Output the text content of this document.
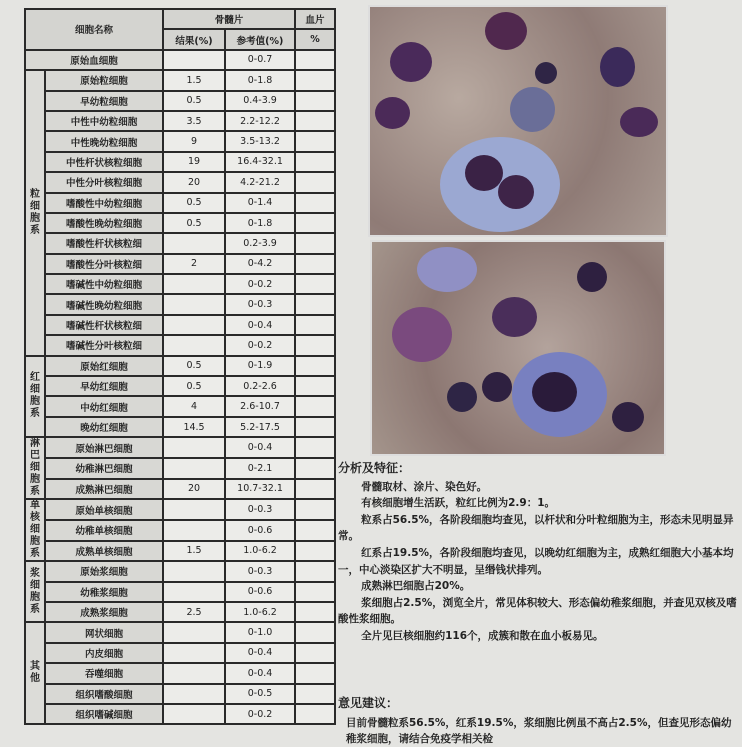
细胞名称		骨髓片		血片
		结果(%)	参考值(%)	%
原始血细胞			0-0.7	
粒细胞系	原始粒细胞	1.5	0-1.8	
	早幼粒细胞	0.5	0.4-3.9	
	中性中幼粒细胞	3.5	2.2-12.2	
	中性晚幼粒细胞	9	3.5-13.2	
	中性杆状核粒细胞	19	16.4-32.1	
	中性分叶核粒细胞	20	4.2-21.2	
	嗜酸性中幼粒细胞	0.5	0-1.4	
	嗜酸性晚幼粒细胞	0.5	0-1.8	
	嗜酸性杆状核粒细		0.2-3.9	
	嗜酸性分叶核粒细	2	0-4.2	
	嗜碱性中幼粒细胞		0-0.2	
	嗜碱性晚幼粒细胞		0-0.3	
	嗜碱性杆状核粒细		0-0.4	
	嗜碱性分叶核粒细		0-0.2	
红细胞系	原始红细胞	0.5	0-1.9	
	早幼红细胞	0.5	0.2-2.6	
	中幼红细胞	4	2.6-10.7	
	晚幼红细胞	14.5	5.2-17.5	
淋巴细胞系	原始淋巴细胞		0-0.4	
	幼稚淋巴细胞		0-2.1	
	成熟淋巴细胞	20	10.7-32.1	
单核细胞系	原始单核细胞		0-0.3	
	幼稚单核细胞		0-0.6	
	成熟单核细胞	1.5	1.0-6.2	
浆细胞系	原始浆细胞		0-0.3	
	幼稚浆细胞		0-0.6	
	成熟浆细胞	2.5	1.0-6.2	
其他	网状细胞		0-1.0	
	内皮细胞		0-0.4	
	吞噬细胞		0-0.4	
	组织嗜酸细胞		0-0.5	
	组织嗜碱细胞		0-0.2	
分析及特征：

骨髓取材、涂片、染色好。

有核细胞增生活跃，粒红比例为2.9：1。

粒系占56.5%，各阶段细胞均查见，以杆状和分叶粒细胞为主，形态未见明显异常。

红系占19.5%，各阶段细胞均查见，以晚幼红细胞为主，成熟红细胞大小基本均一，中心淡染区扩大不明显，呈缗钱状排列。

成熟淋巴细胞占20%。

浆细胞占2.5%，浏览全片，常见体积较大、形态偏幼稚浆细胞，并查见双核及嗜酸性浆细胞。

全片见巨核细胞约116个，成簇和散在血小板易见。

意见建议：

目前骨髓粒系56.5%，红系19.5%，浆细胞比例虽不高占2.5%，但查见形态偏幼稚浆细胞，请结合免疫学相关检
